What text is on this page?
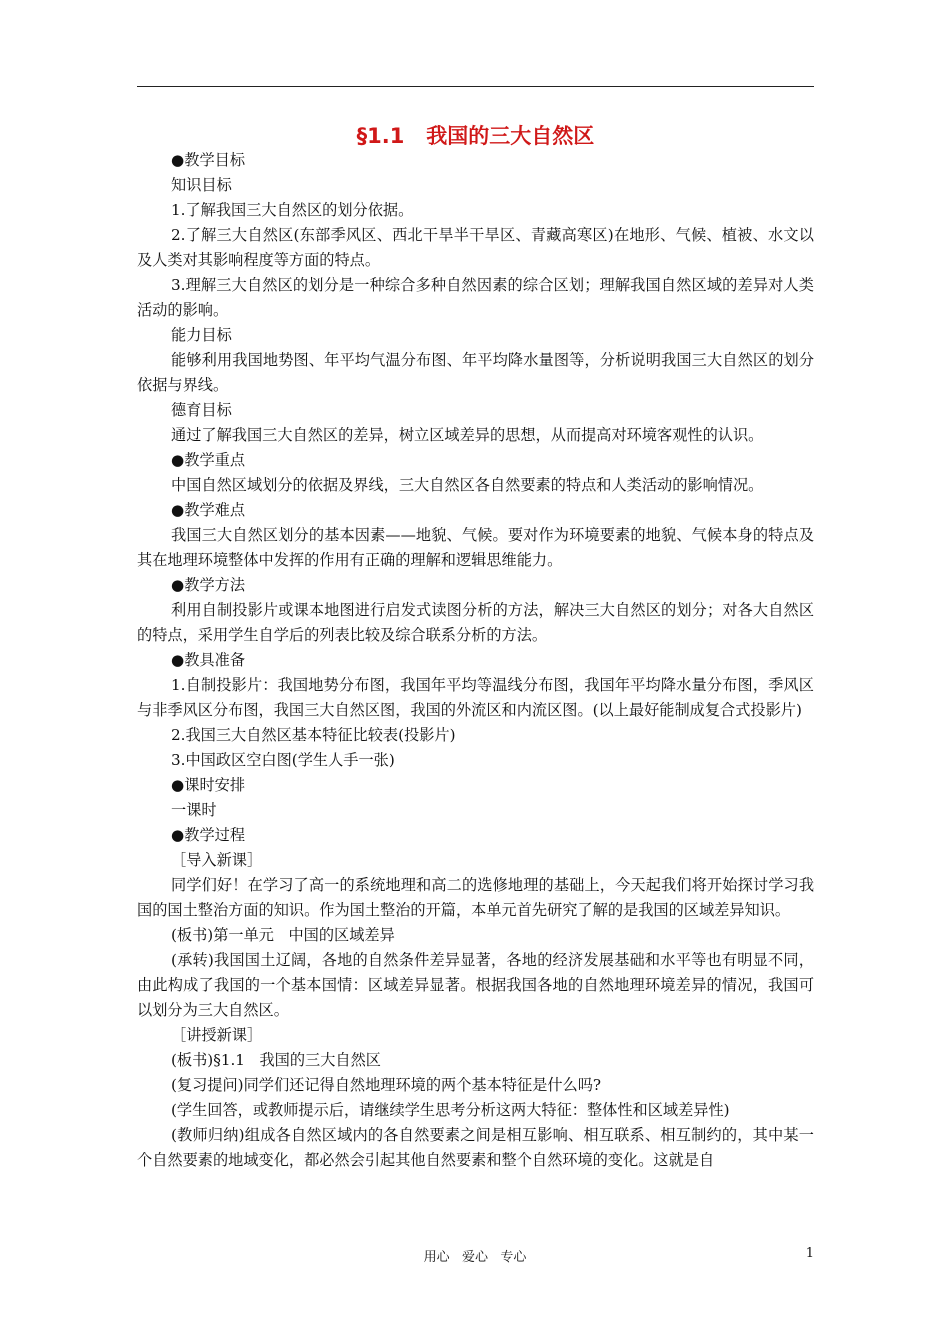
§1.1   我国的三大自然区

●教学目标

知识目标

1.了解我国三大自然区的划分依据。

2.了解三大自然区(东部季风区、西北干旱半干旱区、青藏高寒区)在地形、气候、植被、水文以及人类对其影响程度等方面的特点。

3.理解三大自然区的划分是一种综合多种自然因素的综合区划；理解我国自然区域的差异对人类活动的影响。

能力目标

能够利用我国地势图、年平均气温分布图、年平均降水量图等，分析说明我国三大自然区的划分依据与界线。

德育目标

通过了解我国三大自然区的差异，树立区域差异的思想，从而提高对环境客观性的认识。

●教学重点

中国自然区域划分的依据及界线，三大自然区各自然要素的特点和人类活动的影响情况。

●教学难点

我国三大自然区划分的基本因素——地貌、气候。要对作为环境要素的地貌、气候本身的特点及其在地理环境整体中发挥的作用有正确的理解和逻辑思维能力。

●教学方法

利用自制投影片或课本地图进行启发式读图分析的方法，解决三大自然区的划分；对各大自然区的特点，采用学生自学后的列表比较及综合联系分析的方法。

●教具准备

1.自制投影片：我国地势分布图，我国年平均等温线分布图，我国年平均降水量分布图，季风区与非季风区分布图，我国三大自然区图，我国的外流区和内流区图。(以上最好能制成复合式投影片)

2.我国三大自然区基本特征比较表(投影片)

3.中国政区空白图(学生人手一张)

●课时安排

一课时

●教学过程

［导入新课］

同学们好！在学习了高一的系统地理和高二的选修地理的基础上，今天起我们将开始探讨学习我国的国土整治方面的知识。作为国土整治的开篇，本单元首先研究了解的是我国的区域差异知识。

(板书)第一单元   中国的区域差异

(承转)我国国土辽阔，各地的自然条件差异显著，各地的经济发展基础和水平等也有明显不同，由此构成了我国的一个基本国情：区域差异显著。根据我国各地的自然地理环境差异的情况，我国可以划分为三大自然区。

［讲授新课］

(板书)§1.1   我国的三大自然区

(复习提问)同学们还记得自然地理环境的两个基本特征是什么吗?

(学生回答，或教师提示后，请继续学生思考分析这两大特征：整体性和区域差异性)

(教师归纳)组成各自然区域内的各自然要素之间是相互影响、相互联系、相互制约的，其中某一个自然要素的地域变化，都必然会引起其他自然要素和整个自然环境的变化。这就是自

用心   爱心   专心	1
